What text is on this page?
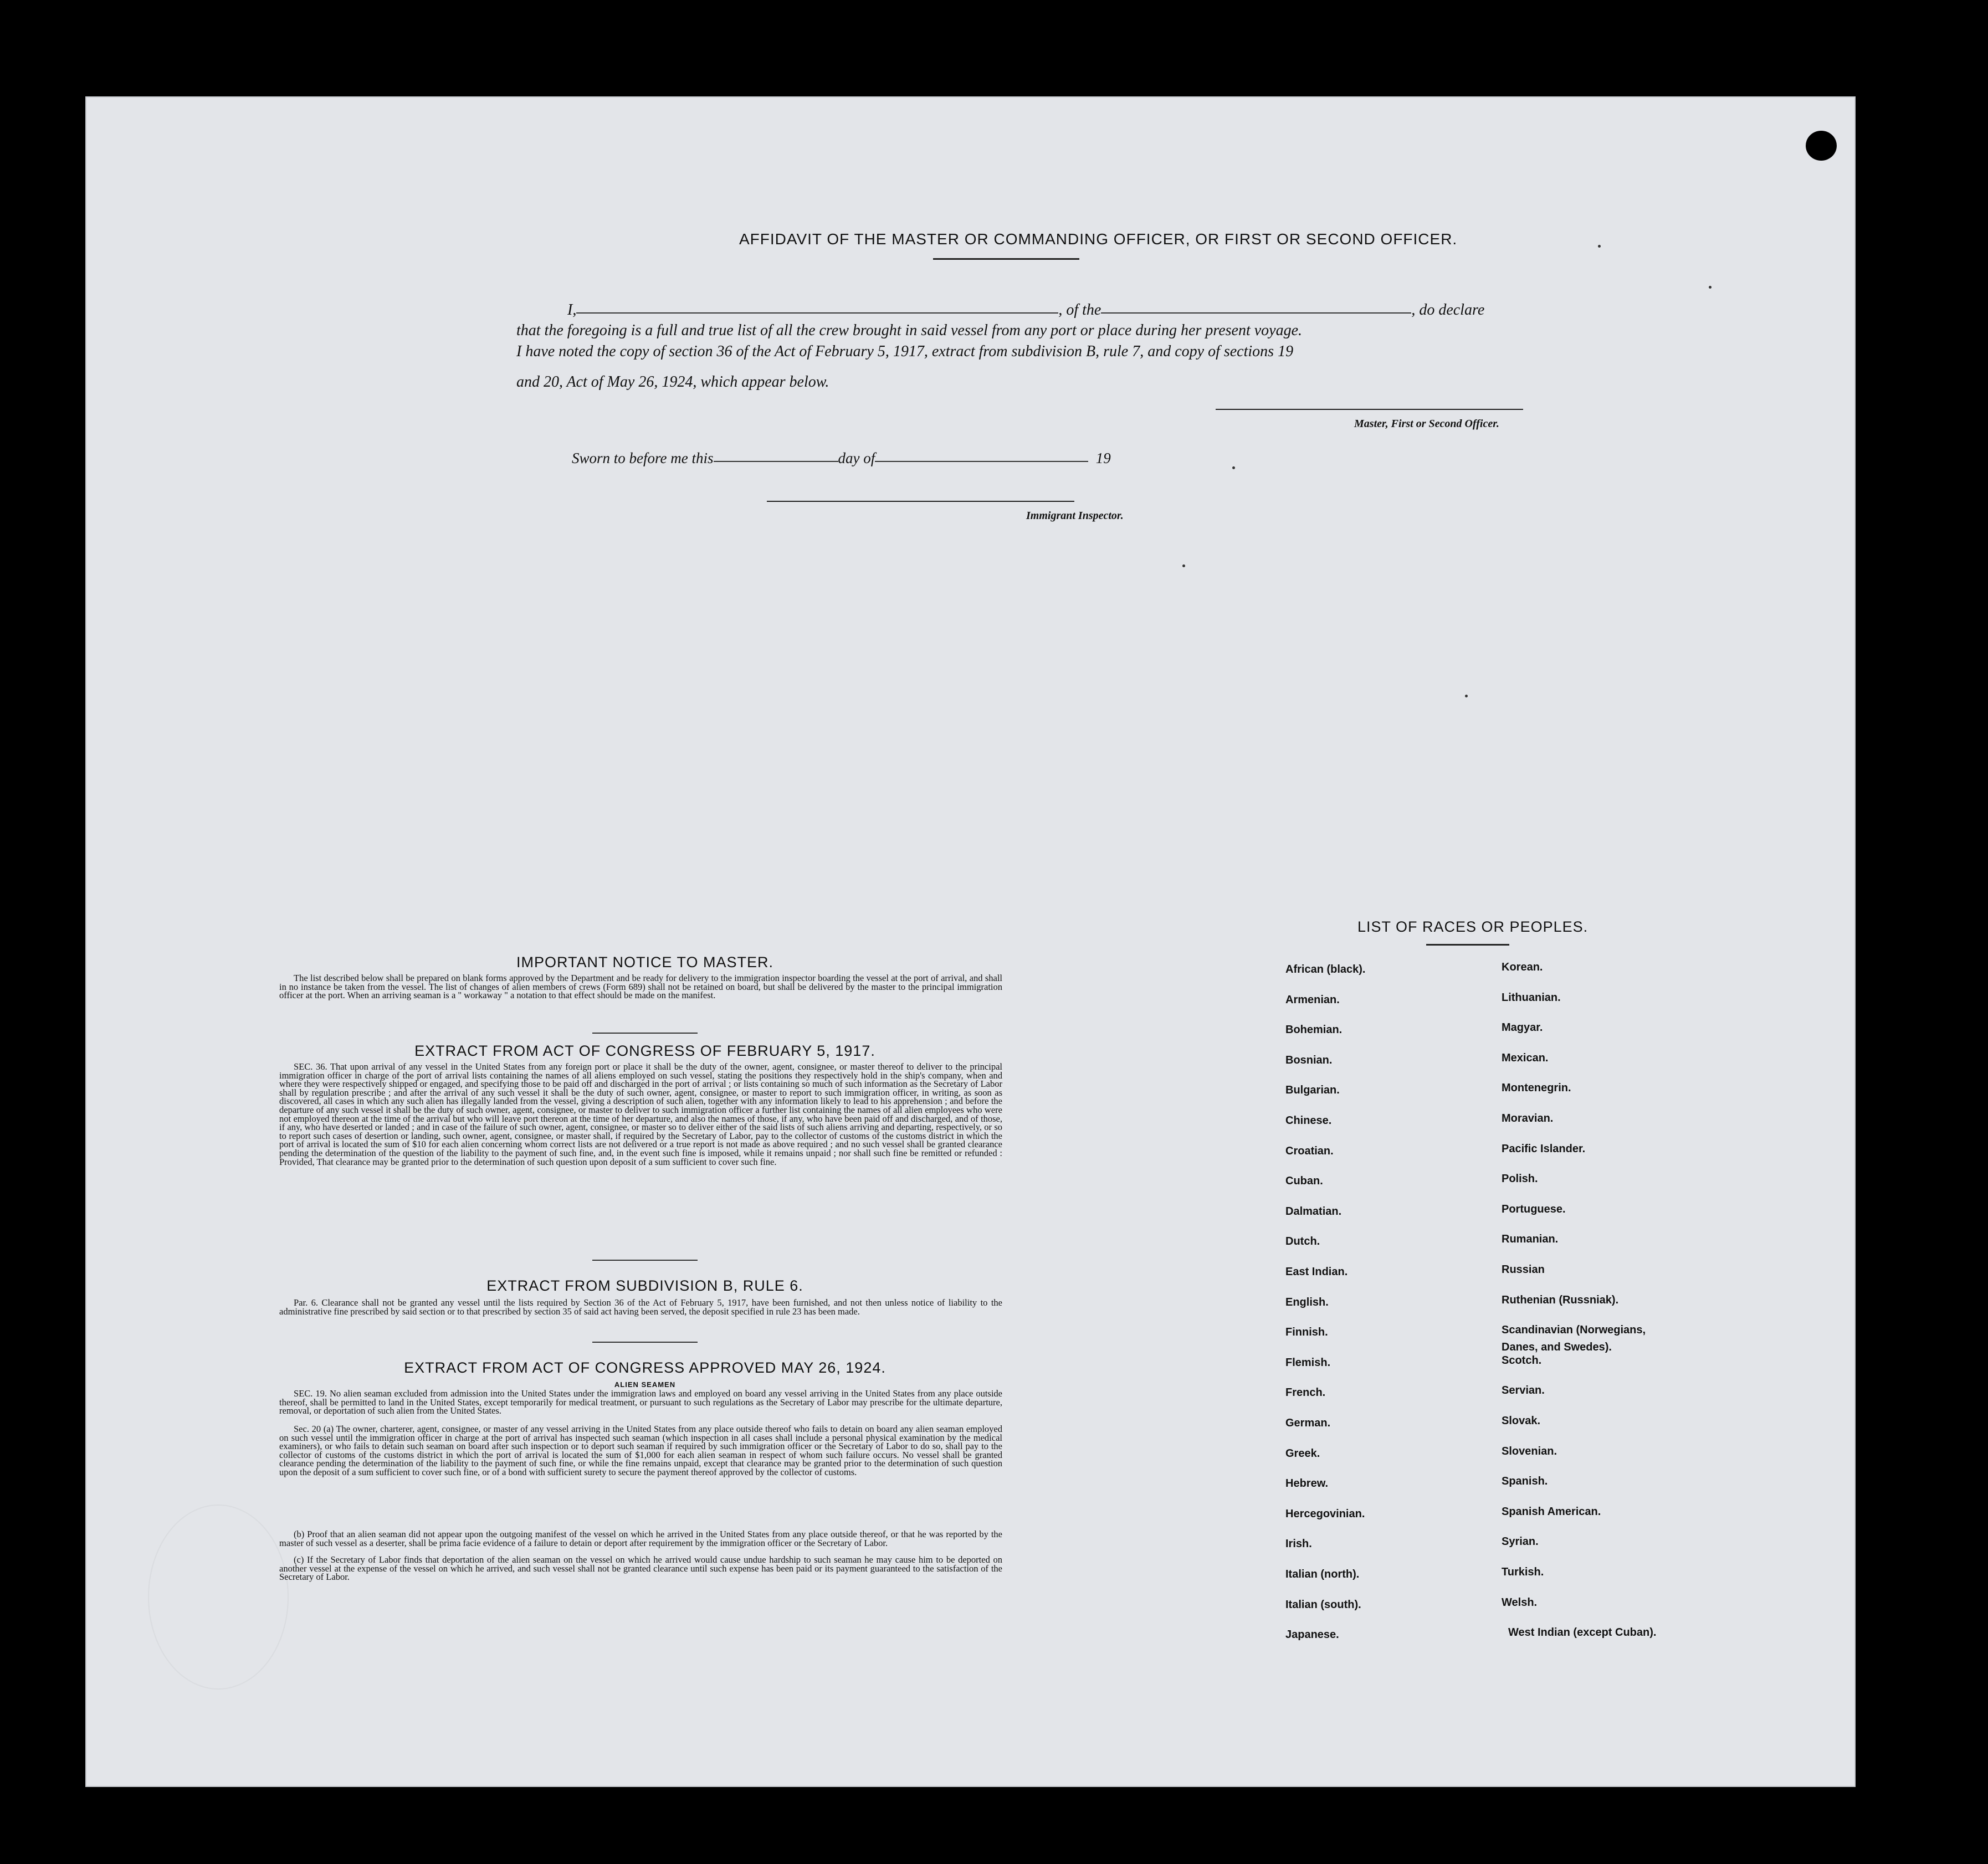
AFFIDAVIT OF THE MASTER OR COMMANDING OFFICER, OR FIRST OR SECOND OFFICER.
I,	, of the	, do declare
that the foregoing is a full and true list of all the crew brought in said vessel from any port or place during her present voyage.
I have noted the copy of section 36 of the Act of February 5, 1917, extract from subdivision B, rule 7, and copy of sections 19
and 20, Act of May 26, 1924, which appear below.
Master, First or Second Officer.
Sworn to before me this	day of	19
Immigrant Inspector.
IMPORTANT NOTICE TO MASTER.
The list described below shall be prepared on blank forms approved by the Department and be ready for delivery to the immigration inspector boarding the vessel at the port of arrival, and shall in no instance be taken from the vessel. The list of changes of alien members of crews (Form 689) shall not be retained on board, but shall be delivered by the master to the principal immigration officer at the port. When an arriving seaman is a " workaway " a notation to that effect should be made on the manifest.
EXTRACT FROM ACT OF CONGRESS OF FEBRUARY 5, 1917.
SEC. 36. That upon arrival of any vessel in the United States from any foreign port or place it shall be the duty of the owner, agent, consignee, or master thereof to deliver to the principal immigration officer in charge of the port of arrival lists containing the names of all aliens employed on such vessel, stating the positions they respectively hold in the ship's company, when and where they were respectively shipped or engaged, and specifying those to be paid off and discharged in the port of arrival ; or lists containing so much of such information as the Secretary of Labor shall by regulation prescribe ; and after the arrival of any such vessel it shall be the duty of such owner, agent, consignee, or master to report to such immigration officer, in writing, as soon as discovered, all cases in which any such alien has illegally landed from the vessel, giving a description of such alien, together with any information likely to lead to his apprehension ; and before the departure of any such vessel it shall be the duty of such owner, agent, consignee, or master to deliver to such immigration officer a further list containing the names of all alien employees who were not employed thereon at the time of the arrival but who will leave port thereon at the time of her departure, and also the names of those, if any, who have been paid off and discharged, and of those, if any, who have deserted or landed ; and in case of the failure of such owner, agent, consignee, or master so to deliver either of the said lists of such aliens arriving and departing, respectively, or so to report such cases of desertion or landing, such owner, agent, consignee, or master shall, if required by the Secretary of Labor, pay to the collector of customs of the customs district in which the port of arrival is located the sum of $10 for each alien concerning whom correct lists are not delivered or a true report is not made as above required ; and no such vessel shall be granted clearance pending the determination of the question of the liability to the payment of such fine, and, in the event such fine is imposed, while it remains unpaid ; nor shall such fine be remitted or refunded : Provided, That clearance may be granted prior to the determination of such question upon deposit of a sum sufficient to cover such fine.
EXTRACT FROM SUBDIVISION B, RULE 6.
Par. 6. Clearance shall not be granted any vessel until the lists required by Section 36 of the Act of February 5, 1917, have been furnished, and not then unless notice of liability to the administrative fine prescribed by said section or to that prescribed by section 35 of said act having been served, the deposit specified in rule 23 has been made.
EXTRACT FROM ACT OF CONGRESS APPROVED MAY 26, 1924.
ALIEN SEAMEN
SEC. 19. No alien seaman excluded from admission into the United States under the immigration laws and employed on board any vessel arriving in the United States from any place outside thereof, shall be permitted to land in the United States, except temporarily for medical treatment, or pursuant to such regulations as the Secretary of Labor may prescribe for the ultimate departure, removal, or deportation of such alien from the United States.
Sec. 20 (a) The owner, charterer, agent, consignee, or master of any vessel arriving in the United States from any place outside thereof who fails to detain on board any alien seaman employed on such vessel until the immigration officer in charge at the port of arrival has inspected such seaman (which inspection in all cases shall include a personal physical examination by the medical examiners), or who fails to detain such seaman on board after such inspection or to deport such seaman if required by such immigration officer or the Secretary of Labor to do so, shall pay to the collector of customs of the customs district in which the port of arrival is located the sum of $1,000 for each alien seaman in respect of whom such failure occurs. No vessel shall be granted clearance pending the determination of the liability to the payment of such fine, or while the fine remains unpaid, except that clearance may be granted prior to the determination of such question upon the deposit of a sum sufficient to cover such fine, or of a bond with sufficient surety to secure the payment thereof approved by the collector of customs.
(b) Proof that an alien seaman did not appear upon the outgoing manifest of the vessel on which he arrived in the United States from any place outside thereof, or that he was reported by the master of such vessel as a deserter, shall be prima facie evidence of a failure to detain or deport after requirement by the immigration officer or the Secretary of Labor.
(c) If the Secretary of Labor finds that deportation of the alien seaman on the vessel on which he arrived would cause undue hardship to such seaman he may cause him to be deported on another vessel at the expense of the vessel on which he arrived, and such vessel shall not be granted clearance until such expense has been paid or its payment guaranteed to the satisfaction of the Secretary of Labor.
LIST OF RACES OR PEOPLES.
African (black).
Armenian.
Bohemian.
Bosnian.
Bulgarian.
Chinese.
Croatian.
Cuban.
Dalmatian.
Dutch.
East Indian.
English.
Finnish.
Flemish.
French.
German.
Greek.
Hebrew.
Hercegovinian.
Irish.
Italian (north).
Italian (south).
Japanese.
Korean.
Lithuanian.
Magyar.
Mexican.
Montenegrin.
Moravian.
Pacific Islander.
Polish.
Portuguese.
Rumanian.
Russian
Ruthenian (Russniak).
Scandinavian (Norwegians,
Scotch.
Servian.
Slovak.
Slovenian.
Spanish.
Spanish American.
Syrian.
Turkish.
Welsh.
West Indian (except Cuban).
Danes, and Swedes).
